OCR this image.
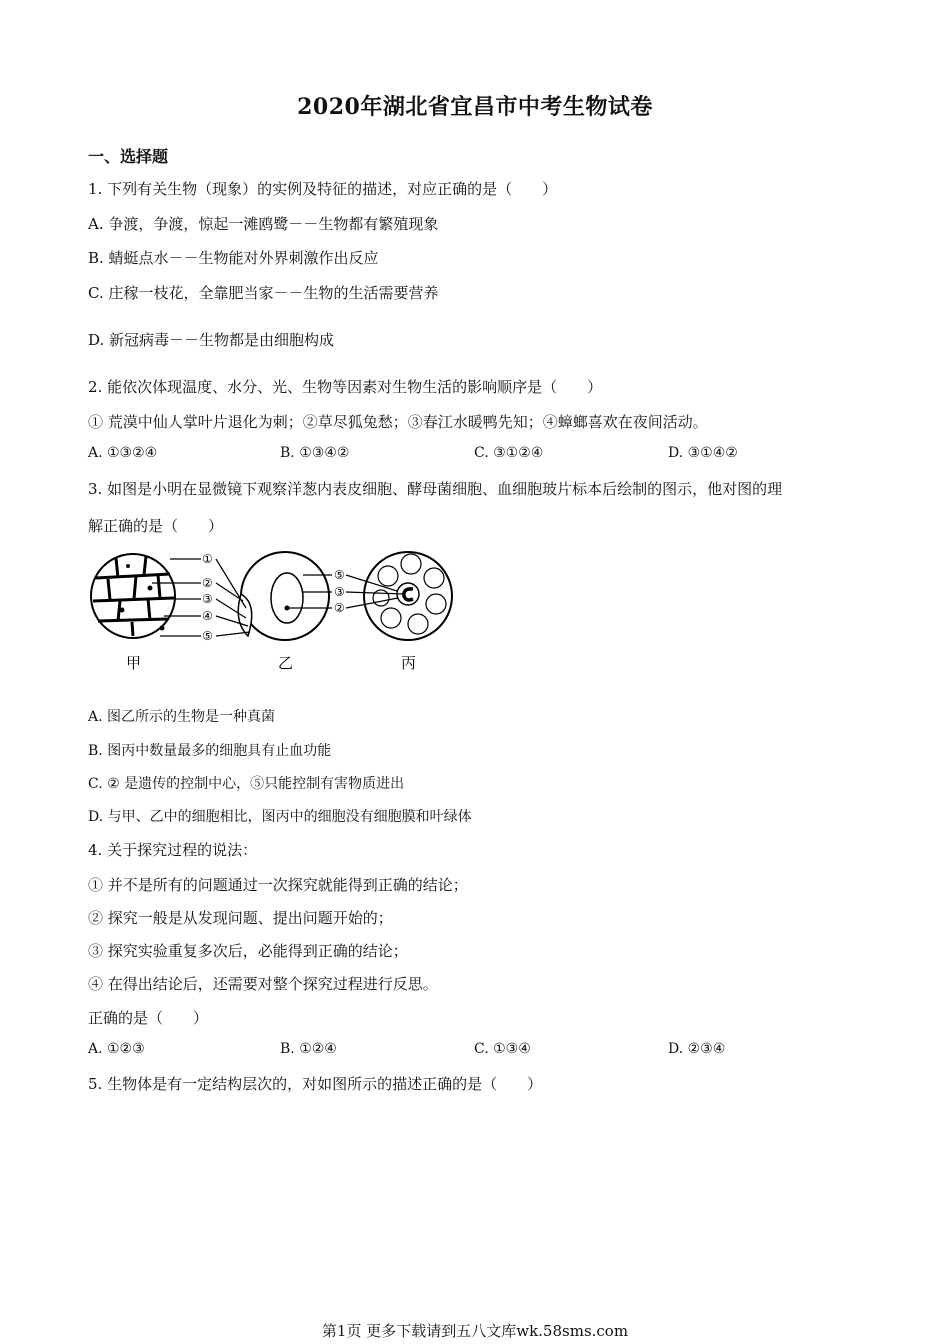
2020年湖北省宜昌市中考生物试卷
一、选择题
1. 下列有关生物（现象）的实例及特征的描述，对应正确的是（　　）
A. 争渡，争渡，惊起一滩鸥鹭－－生物都有繁殖现象
B. 蜻蜓点水－－生物能对外界刺激作出反应
C. 庄稼一枝花，全靠肥当家－－生物的生活需要营养
D. 新冠病毒－－生物都是由细胞构成
2. 能依次体现温度、水分、光、生物等因素对生物生活的影响顺序是（　　）
① 荒漠中仙人掌叶片退化为刺；②草尽狐兔愁；③春江水暖鸭先知；④蟑螂喜欢在夜间活动。
A. ①③②④	B. ①③④②	C. ③①②④	D. ③①④②
3. 如图是小明在显微镜下观察洋葱内表皮细胞、酵母菌细胞、血细胞玻片标本后绘制的图示，他对图的理
解正确的是（　　）
①
②
③
④
⑤
⑤
③
②
甲	乙	丙
A. 图乙所示的生物是一种真菌
B. 图丙中数量最多的细胞具有止血功能
C. ② 是遗传的控制中心，⑤只能控制有害物质进出
D. 与甲、乙中的细胞相比，图丙中的细胞没有细胞膜和叶绿体
4. 关于探究过程的说法：
① 并不是所有的问题通过一次探究就能得到正确的结论；
② 探究一般是从发现问题、提出问题开始的；
③ 探究实验重复多次后，必能得到正确的结论；
④ 在得出结论后，还需要对整个探究过程进行反思。
正确的是（　　）
A. ①②③	B. ①②④	C. ①③④	D. ②③④
5. 生物体是有一定结构层次的，对如图所示的描述正确的是（　　）
第1页 更多下载请到五八文库wk.58sms.com
